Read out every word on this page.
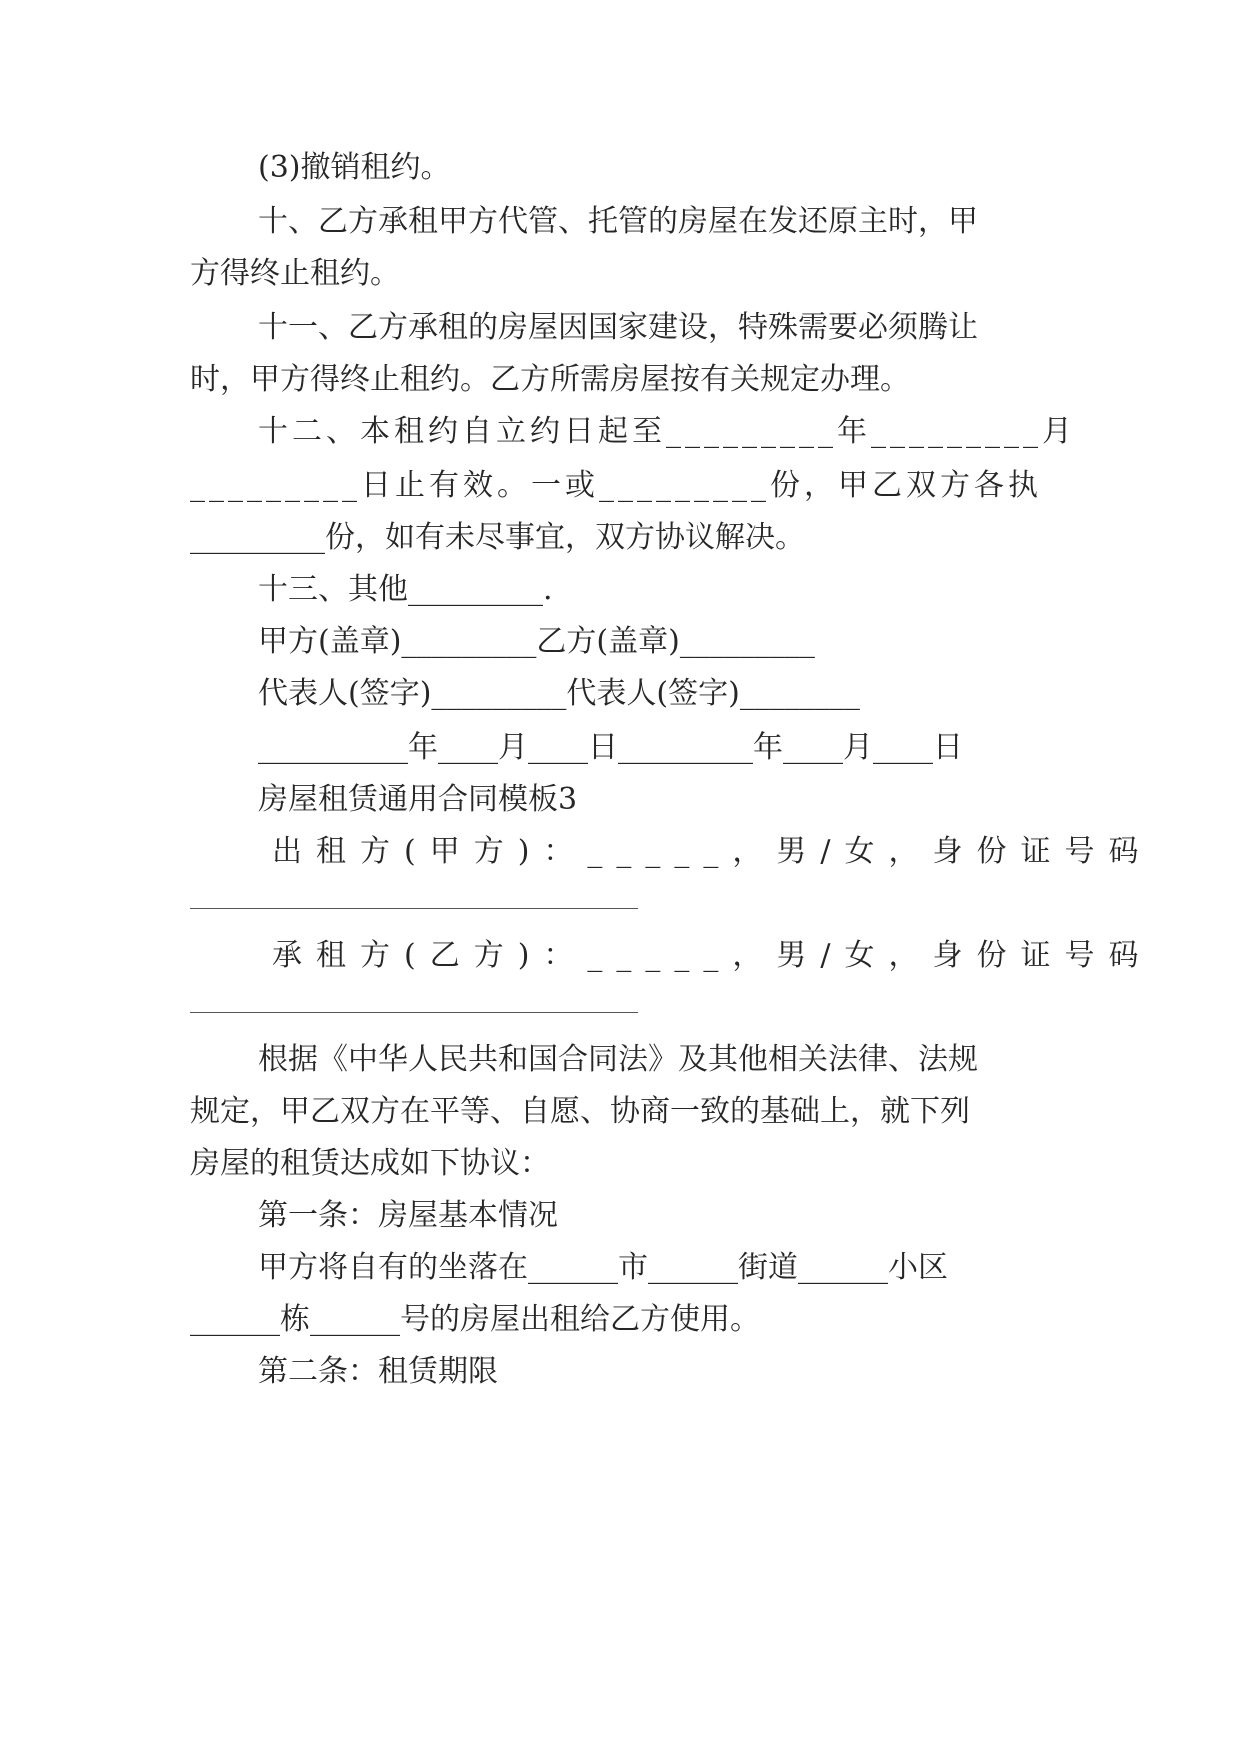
(3)撤销租约。
十、乙方承租甲方代管、托管的房屋在发还原主时，甲
方得终止租约。
十一、乙方承租的房屋因国家建设，特殊需要必须腾让
时，甲方得终止租约。乙方所需房屋按有关规定办理。
十二、本租约自立约日起至_________年_________月
_________日止有效。一或_________份，甲乙双方各执
_________份，如有未尽事宜，双方协议解决。
十三、其他_________.
甲方(盖章)_________乙方(盖章)_________
代表人(签字)_________代表人(签字)________
__________年____月____日_________年____月____日
房屋租赁通用合同模板3
出租方(甲方)：_____，男/女，身份证号码
承租方(乙方)：_____，男/女，身份证号码
根据《中华人民共和国合同法》及其他相关法律、法规
规定，甲乙双方在平等、自愿、协商一致的基础上，就下列
房屋的租赁达成如下协议：
第一条：房屋基本情况
甲方将自有的坐落在______市______街道______小区
______栋______号的房屋出租给乙方使用。
第二条：租赁期限
